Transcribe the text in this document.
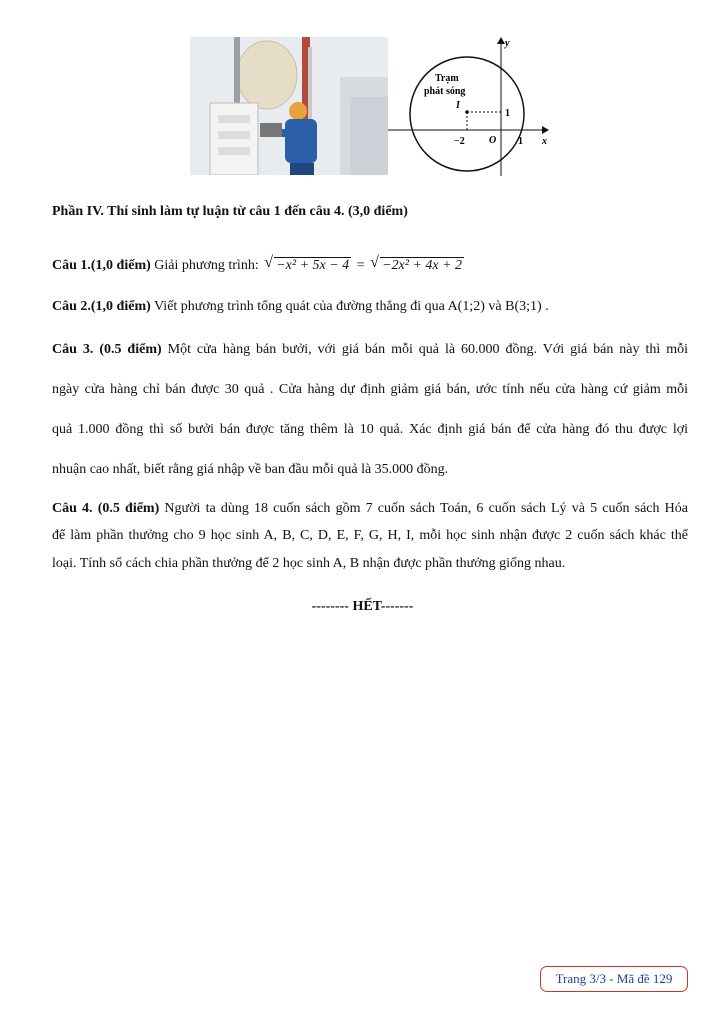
Trạm
phát sóng
I
y
x
O
−2	1
1
Phần IV. Thí sinh làm tự luận từ câu 1 đến câu 4. (3,0 điểm)
Câu 1.(1,0 điểm) Giải phương trình: √ −x² + 5x − 4 = √ −2x² + 4x + 2
Câu 2.(1,0 điểm) Viết phương trình tổng quát của đường thẳng đi qua A(1;2) và B(3;1) .
Câu 3. (0.5 điểm) Một cửa hàng bán bưởi, với giá bán mỗi quả là 60.000 đồng. Với giá bán này thì mỗi
ngày cửa hàng chỉ bán được 30 quả . Cửa hàng dự định giảm giá bán, ước tính nếu cửa hàng cứ giảm mỗi
quả 1.000 đồng thì số bưởi bán được tăng thêm là 10 quả. Xác định giá bán để cửa hàng đó thu được lợi
nhuận cao nhất, biết rằng giá nhập về ban đầu mỗi quả là 35.000 đồng.
Câu 4. (0.5 điểm) Người ta dùng 18 cuốn sách gồm 7 cuốn sách Toán, 6 cuốn sách Lý và 5 cuốn sách Hóa
để làm phần thưởng cho 9 học sinh A, B, C, D, E, F, G, H, I, mỗi học sinh nhận được 2 cuốn sách khác thể
loại. Tính số cách chia phần thưởng để 2 học sinh A, B nhận được phần thưởng giống nhau.
-------- HẾT-------
Trang 3/3 - Mã đề 129
